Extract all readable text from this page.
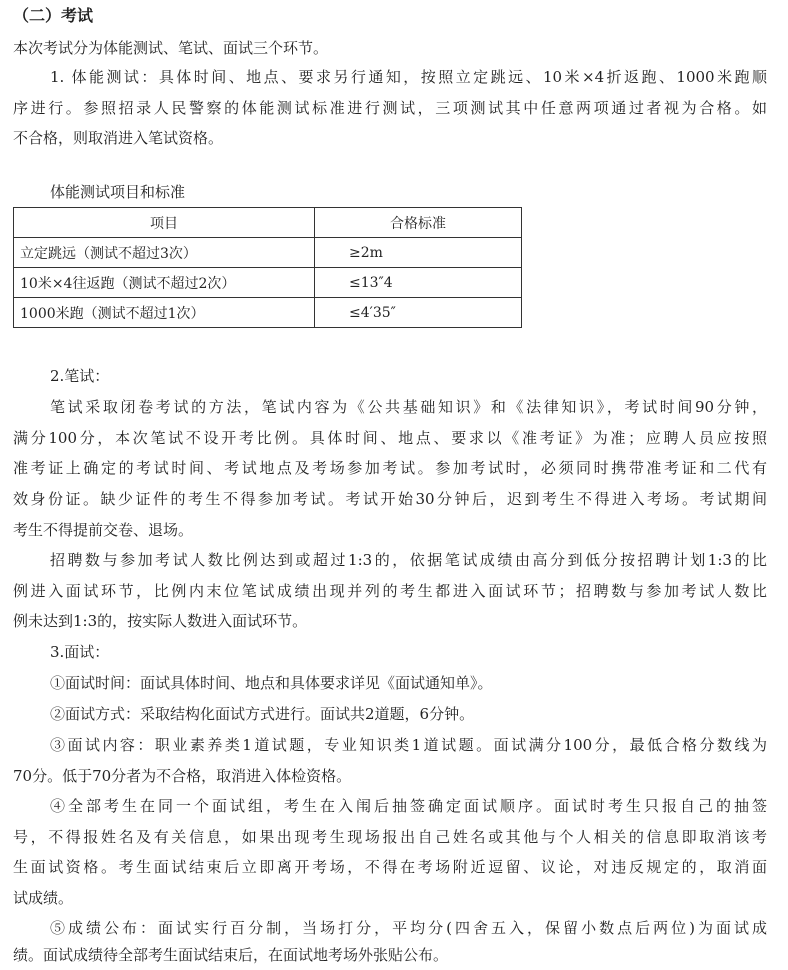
（二）考试
本次考试分为体能测试、笔试、面试三个环节。
1. 体能测试：具体时间、地点、要求另行通知，按照立定跳远、10米×4折返跑、1000米跑顺
序进行。参照招录人民警察的体能测试标准进行测试，三项测试其中任意两项通过者视为合格。如
不合格，则取消进入笔试资格。
体能测试项目和标准
项目	合格标准
立定跳远（测试不超过3次）	≥2m
10米×4往返跑（测试不超过2次）	≤13″4
1000米跑（测试不超过1次）	≤4′35″
2.笔试：
笔试采取闭卷考试的方法，笔试内容为《公共基础知识》和《法律知识》，考试时间90分钟，
满分100分，本次笔试不设开考比例。具体时间、地点、要求以《准考证》为准；应聘人员应按照
准考证上确定的考试时间、考试地点及考场参加考试。参加考试时，必须同时携带准考证和二代有
效身份证。缺少证件的考生不得参加考试。考试开始30分钟后，迟到考生不得进入考场。考试期间
考生不得提前交卷、退场。
招聘数与参加考试人数比例达到或超过1:3的，依据笔试成绩由高分到低分按招聘计划1:3的比
例进入面试环节，比例内末位笔试成绩出现并列的考生都进入面试环节；招聘数与参加考试人数比
例未达到1:3的，按实际人数进入面试环节。
3.面试：
①面试时间：面试具体时间、地点和具体要求详见《面试通知单》。
②面试方式：采取结构化面试方式进行。面试共2道题，6分钟。
③面试内容：职业素养类1道试题，专业知识类1道试题。面试满分100分，最低合格分数线为
70分。低于70分者为不合格，取消进入体检资格。
④全部考生在同一个面试组，考生在入闱后抽签确定面试顺序。面试时考生只报自己的抽签
号，不得报姓名及有关信息，如果出现考生现场报出自己姓名或其他与个人相关的信息即取消该考
生面试资格。考生面试结束后立即离开考场，不得在考场附近逗留、议论，对违反规定的，取消面
试成绩。
⑤成绩公布：面试实行百分制，当场打分，平均分(四舍五入，保留小数点后两位)为面试成
绩。面试成绩待全部考生面试结束后，在面试地考场外张贴公布。
